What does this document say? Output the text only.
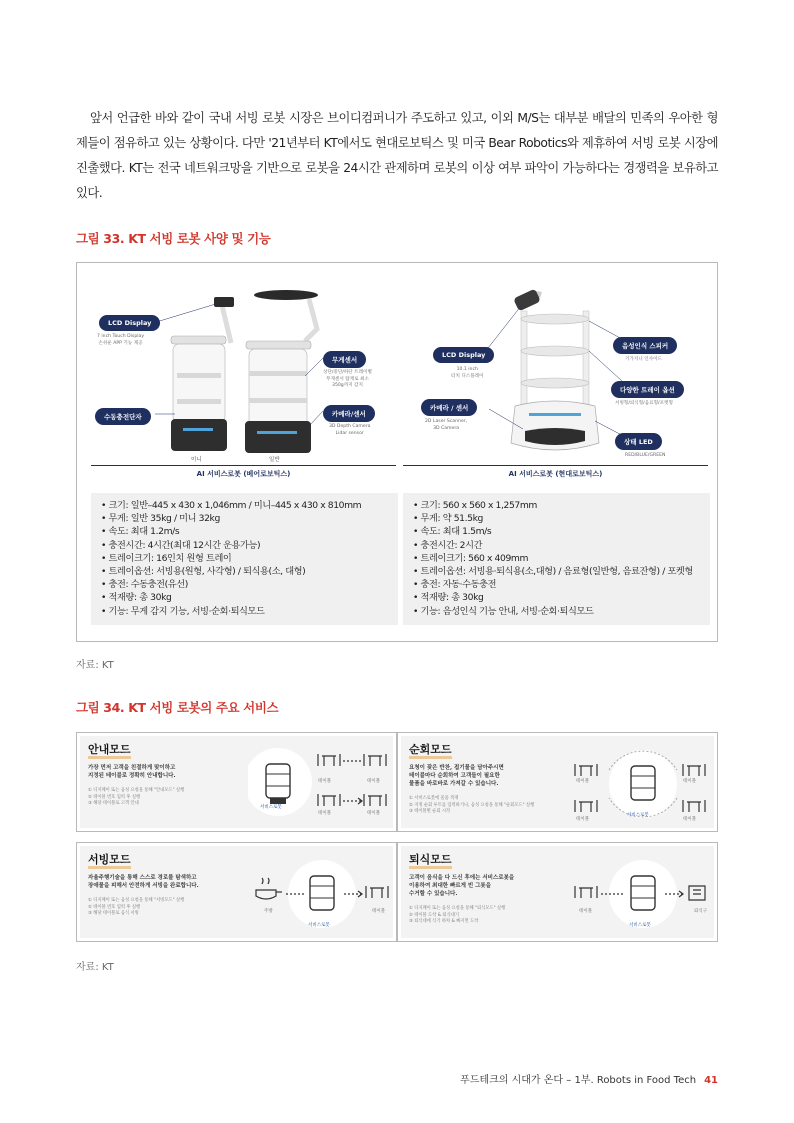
앞서 언급한 바와 같이 국내 서빙 로봇 시장은 브이디컴퍼니가 주도하고 있고, 이외 M/S는 대부분 배달의 민족의 우아한 형제들이 점유하고 있는 상황이다. 다만 '21년부터 KT에서도 현대로보틱스 및 미국 Bear Robotics와 제휴하여 서빙 로봇 시장에 진출했다. KT는 전국 네트워크망을 기반으로 로봇을 24시간 관제하며 로봇의 이상 여부 파악이 가능하다는 경쟁력을 보유하고 있다.

그림 33. KT 서빙 로봇 사양 및 기능
LCD Display
7 inch Touch Display
손쉬운 APP 기능 제공
무게센서
상단/중단/하단 트레이별
무게센서 탑재로 최소
350g까지 감지
수동충전단자	카메라/센서
3D Depth Camera
Lidar sensor
미니	일반
AI 서비스로봇 (베어로보틱스)
LCD Display
10.1 inch
터치 디스플레이
카메라 / 센서
2D Laser Scanner,
3D Camera
음성인식 스피커
기가지니 인사이드
다양한 트레이 옵션
서빙형/퇴식형/음료형/포켓형
상태 LED
RED/BLUE/GREEN
AI 서비스로봇 (현대로보틱스)
• 크기: 일반–445 x 430 x 1,046mm / 미니–445 x 430 x 810mm
• 무게: 일반 35kg / 미니 32kg
• 속도: 최대 1.2m/s
• 충전시간: 4시간(최대 12시간 운용가능)
• 트레이크기: 16인치 원형 트레이
• 트레이옵션: 서빙용(원형, 사각형) / 퇴식용(소, 대형)
• 충전: 수동충전(유선)
• 적재량: 총 30kg
• 기능: 무게 감지 기능, 서빙·순회·퇴식모드
• 크기: 560 x 560 x 1,257mm
• 무게: 약 51.5kg
• 속도: 최대 1.5m/s
• 충전시간: 2시간
• 트레이크기: 560 x 409mm
• 트레이옵션: 서빙용·퇴식용(소,대형) / 음료형(일반형, 음료잔형) / 포켓형
• 충전: 자동·수동충전
• 적재량: 총 30kg
• 기능: 음성인식 기능 안내, 서빙·순회·퇴식모드
자료: KT
그림 34. KT 서빙 로봇의 주요 서비스
안내모드
가장 먼저 고객을 친절하게 맞이하고
지정된 테이블로 정확히 안내합니다.
① 디지페이 또는 음성 요청을 통해 "안내모드" 실행
② 테이블 번호 입력 후 실행
③ 해당 테이블로 고객 안내
테이블	테이블
테이블	테이블
서비스로봇
순회모드
요청이 잦은 반찬, 접기물을 담아주시면
테이블마다 순회하여 고객들이 필요한
물품을 바로바로 가져갈 수 있습니다.
① 서비스로봇에 물품 적재
② 지정 순회 루트를 입력하거나, 음성 요청을 통해 "순회모드" 실행
③ 테이블별 순회 시작
테이블	테이블
테이블	테이블
서비스로봇
서빙모드
자율주행기술을 통해 스스로 경로를 탐색하고
장애물을 피해서 안전하게 서빙을 완료합니다.
① 디지페이 또는 음성 요청을 통해 "서빙모드" 실행
② 테이블 번호 입력 후 실행
③ 해당 테이블로 음식 서빙	주방	테이블
서비스로봇
퇴식모드
고객이 음식을 다 드신 후에는 서비스로봇을
이용하여 최대한 빠르게 빈 그릇을
수거할 수 있습니다.
① 디지페이 또는 음성 요청을 통해 "퇴식모드" 실행
② 테이블 도착 & 퇴식대기
③ 퇴식대에 식기 하차 & 빠지면 도착
테이블	퇴식구
서비스로봇
자료: KT
푸드테크의 시대가 온다 – 1부. Robots in Food Tech 41
